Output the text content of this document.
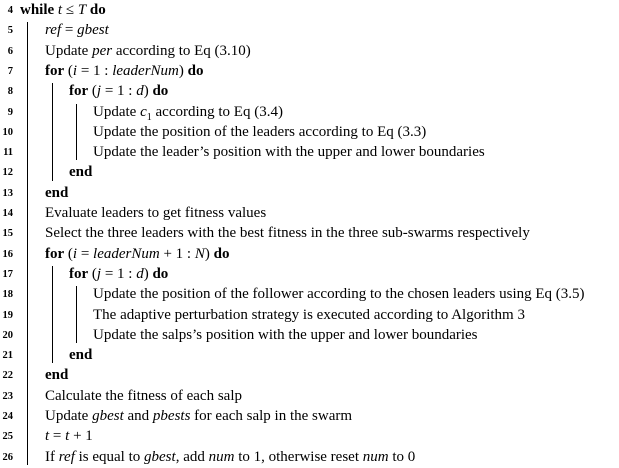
4 while t ≤ T do
5 ref = gbest
6 Update per according to Eq (3.10)
7 for (i = 1 : leaderNum) do
8	for (j = 1 : d) do
9	Update $c_1$ according to Eq (3.4)
10	Update the position of the leaders according to Eq (3.3)
11	Update the leader’s position with the upper and lower boundaries
12	end
13 end
14 Evaluate leaders to get fitness values
15 Select the three leaders with the best fitness in the three sub-swarms respectively
16 for (i = leaderNum + 1 : N) do
17	for (j = 1 : d) do
18	Update the position of the follower according to the chosen leaders using Eq (3.5)
19	The adaptive perturbation strategy is executed according to Algorithm 3
20	Update the salps’s position with the upper and lower boundaries
21	end
22 end
23 Calculate the fitness of each salp
24 Update gbest and pbests for each salp in the swarm
25 t = t + 1
26 If ref is equal to gbest, add num to 1, otherwise reset num to 0
